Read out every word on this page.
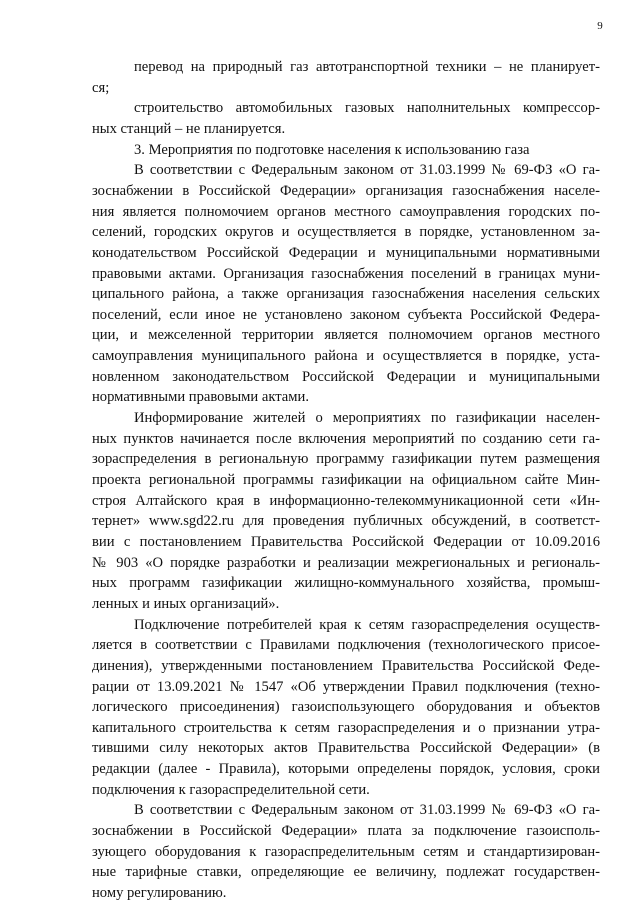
9
перевод на природный газ автотранспортной техники – не планирует-
ся;
строительство автомобильных газовых наполнительных компрессор-
ных станций – не планируется.
3. Мероприятия по подготовке населения к использованию газа
В соответствии с Федеральным законом от 31.03.1999 № 69-ФЗ «О га-
зоснабжении в Российской Федерации» организация газоснабжения населе-
ния является полномочием органов местного самоуправления городских по-
селений, городских округов и осуществляется в порядке, установленном за-
конодательством Российской Федерации и муниципальными нормативными
правовыми актами. Организация газоснабжения поселений в границах муни-
ципального района, а также организация газоснабжения населения сельских
поселений, если иное не установлено законом субъекта Российской Федера-
ции, и межселенной территории является полномочием органов местного
самоуправления муниципального района и осуществляется в порядке, уста-
новленном законодательством Российской Федерации и муниципальными
нормативными правовыми актами.
Информирование жителей о мероприятиях по газификации населен-
ных пунктов начинается после включения мероприятий по созданию сети га-
зораспределения в региональную программу газификации путем размещения
проекта региональной программы газификации на официальном сайте Мин-
строя Алтайского края в информационно-телекоммуникационной сети «Ин-
тернет» www.sgd22.ru для проведения публичных обсуждений, в соответст-
вии с постановлением Правительства Российской Федерации от 10.09.2016
№ 903 «О порядке разработки и реализации межрегиональных и региональ-
ных программ газификации жилищно-коммунального хозяйства, промыш-
ленных и иных организаций».
Подключение потребителей края к сетям газораспределения осуществ-
ляется в соответствии с Правилами подключения (технологического присое-
динения), утвержденными постановлением Правительства Российской Феде-
рации от 13.09.2021 № 1547 «Об утверждении Правил подключения (техно-
логического присоединения) газоиспользующего оборудования и объектов
капитального строительства к сетям газораспределения и о признании утра-
тившими силу некоторых актов Правительства Российской Федерации» (в
редакции (далее - Правила), которыми определены порядок, условия, сроки
подключения к газораспределительной сети.
В соответствии с Федеральным законом от 31.03.1999 № 69-ФЗ «О га-
зоснабжении в Российской Федерации» плата за подключение газоисполь-
зующего оборудования к газораспределительным сетям и стандартизирован-
ные тарифные ставки, определяющие ее величину, подлежат государствен-
ному регулированию.
